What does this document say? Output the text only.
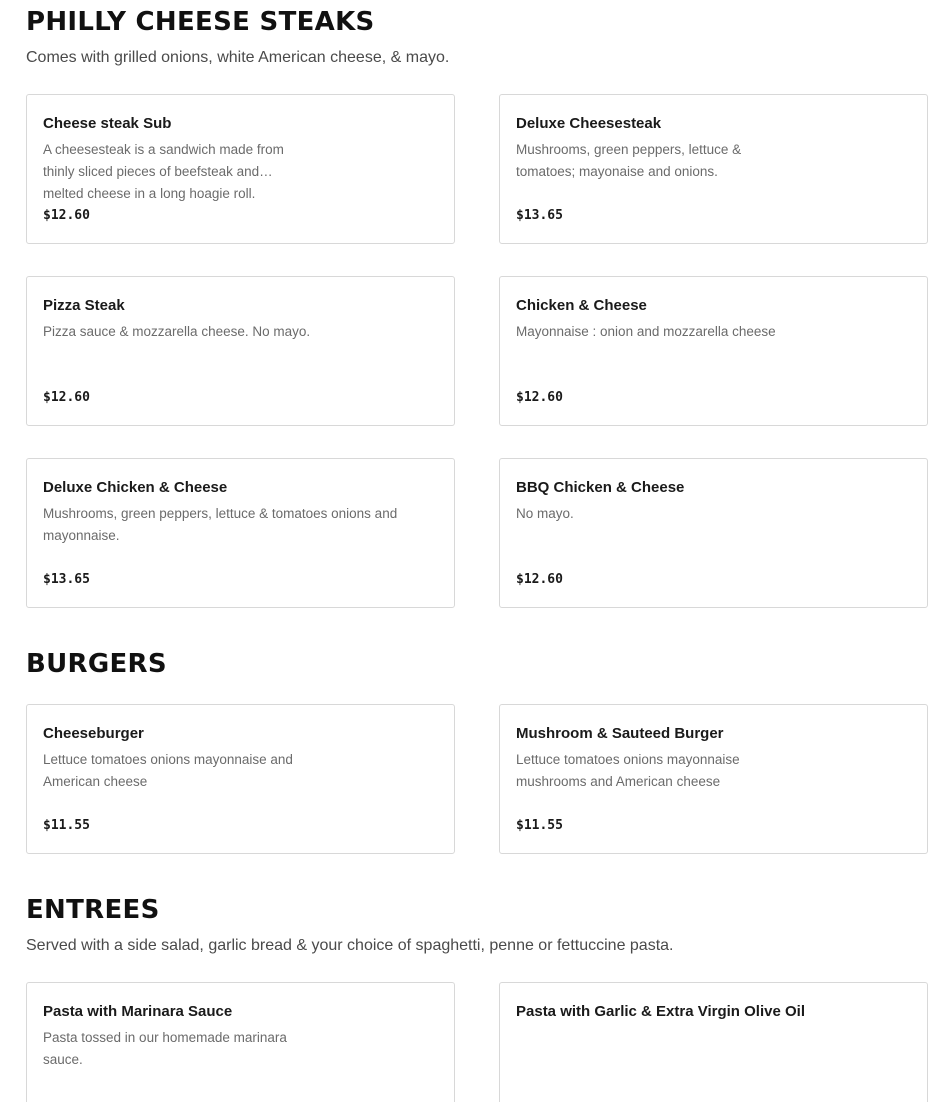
PHILLY CHEESE STEAKS

Comes with grilled onions, white American cheese, & mayo.

Cheese steak Sub
A cheesesteak is a sandwich made from thinly sliced pieces of beefsteak and melted cheese in a long hoagie roll.
$12.60
Deluxe Cheesesteak
Mushrooms, green peppers, lettuce & tomatoes; mayonaise and onions.
$13.65
Pizza Steak
Pizza sauce & mozzarella cheese. No mayo.
$12.60
Chicken & Cheese
Mayonnaise : onion and mozzarella cheese
$12.60
Deluxe Chicken & Cheese
Mushrooms, green peppers, lettuce & tomatoes onions and mayonnaise.
$13.65
BBQ Chicken & Cheese
No mayo.
$12.60
BURGERS
Cheeseburger
Lettuce tomatoes onions mayonnaise and American cheese
$11.55
Mushroom & Sauteed Burger
Lettuce tomatoes onions mayonnaise mushrooms and American cheese
$11.55
ENTREES

Served with a side salad, garlic bread & your choice of spaghetti, penne or fettuccine pasta.

Pasta with Marinara Sauce
Pasta tossed in our homemade marinara sauce.
Pasta with Garlic & Extra Virgin Olive Oil
